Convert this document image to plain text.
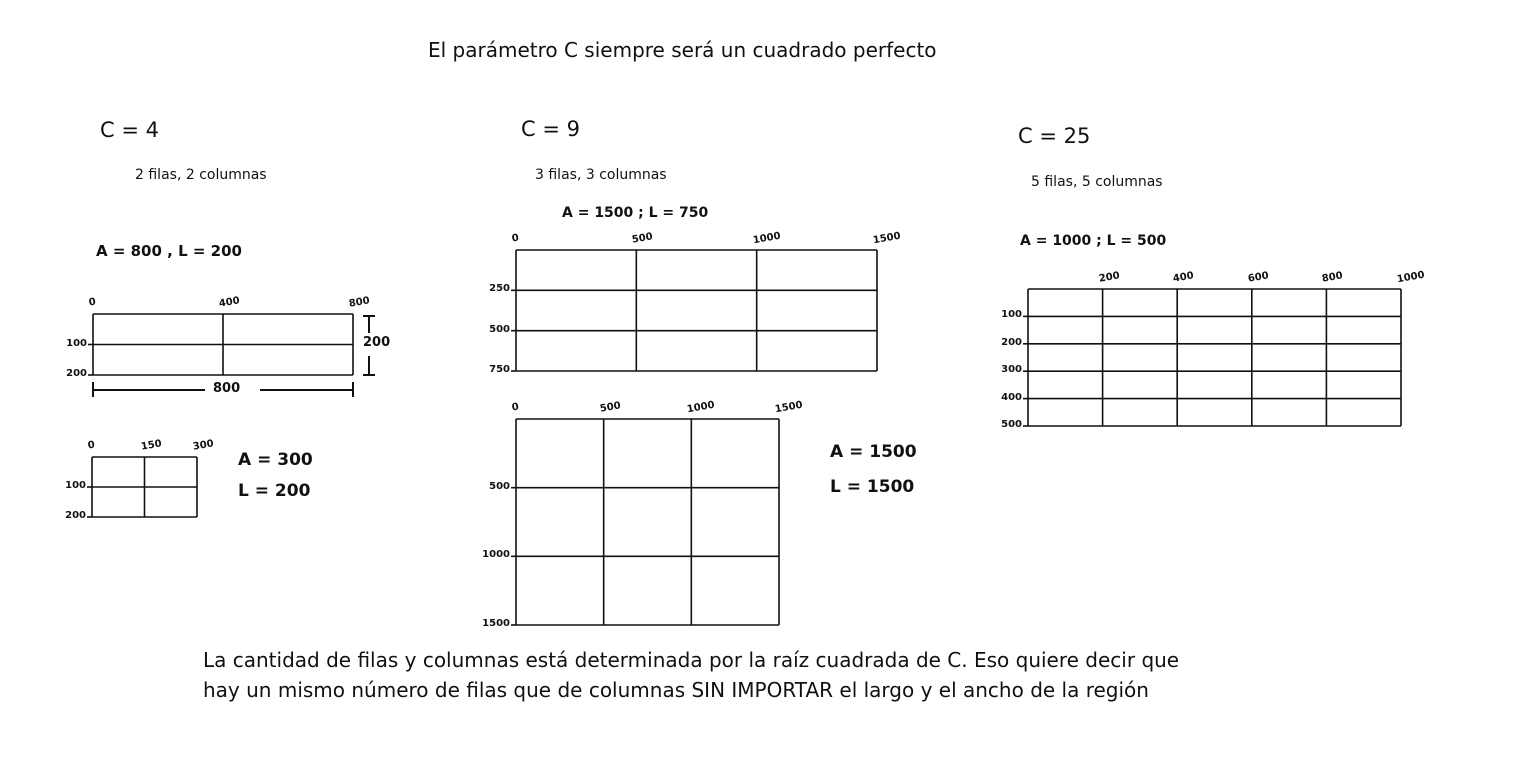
El parámetro C siempre será un cuadrado perfecto
C = 4
2 filas, 2 columnas
A = 800 , L = 200
C = 9
3 filas, 3 columnas
A = 1500 ; L = 750
C = 25
5 filas, 5 columnas
A = 1000 ; L = 500
A = 300
L = 200
A = 1500
L = 1500
800
200
0	400	800
100
200
0	150	300
100
200
0	500	1000	1500
250
500
750
0	500	1000	1500
500
1000
1500
200	400	600	800	1000
100
200
300
400
500
La cantidad de filas y columnas está determinada por la raíz cuadrada de C. Eso quiere decir que
hay un mismo número de filas que de columnas SIN IMPORTAR el largo y el ancho de la región
